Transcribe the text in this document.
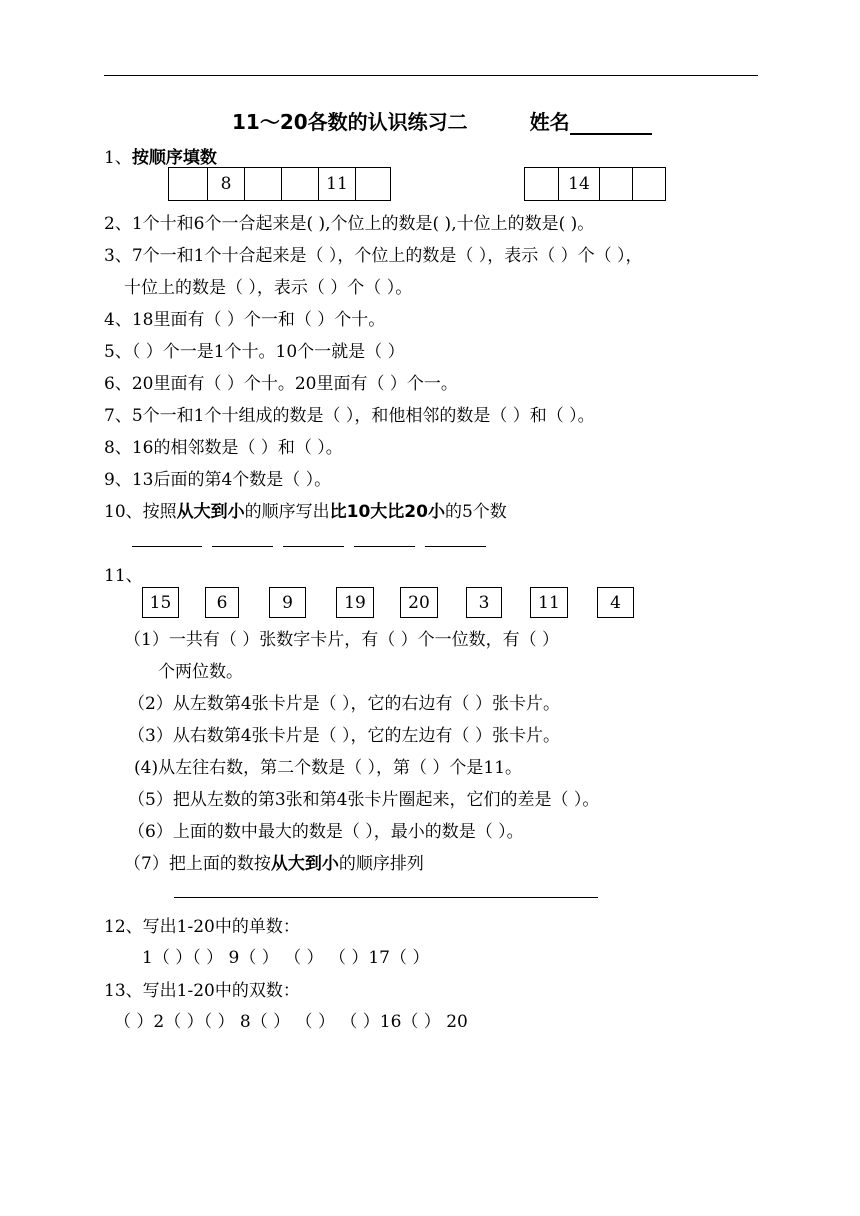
11～20各数的认识练习二	姓名
1、按顺序填数
8	11	14
2、1个十和6个一合起来是( ),个位上的数是( ),十位上的数是( )。
3、7个一和1个十合起来是（ ），个位上的数是（ ），表示（ ）个（ ），
十位上的数是（ ），表示（ ）个（ ）。
4、18里面有（ ）个一和（ ）个十。
5、（ ）个一是1个十。10个一就是（ ）
6、20里面有（ ）个十。20里面有（ ）个一。
7、5个一和1个十组成的数是（ ），和他相邻的数是（ ）和（ ）。
8、16的相邻数是（ ）和（ ）。
9、13后面的第4个数是（ ）。
10、按照从大到小的顺序写出比10大比20小的5个数
11、
15	6	9	19	20	3	11	4
（1）一共有（ ）张数字卡片，有（ ）个一位数，有（ ）
个两位数。
（2）从左数第4张卡片是（ ），它的右边有（ ）张卡片。
（3）从右数第4张卡片是（ ），它的左边有（ ）张卡片。
(4)从左往右数，第二个数是（ ），第（ ）个是11。
（5）把从左数的第3张和第4张卡片圈起来，它们的差是（ ）。
（6）上面的数中最大的数是（ ），最小的数是（ ）。
（7）把上面的数按从大到小的顺序排列
12、写出1-20中的单数：
1（ ）（ ） 9（ ） （ ） （ ）17（ ）
13、写出1-20中的双数：
（ ）2（ ）（ ） 8（ ） （ ） （ ）16（ ） 20
